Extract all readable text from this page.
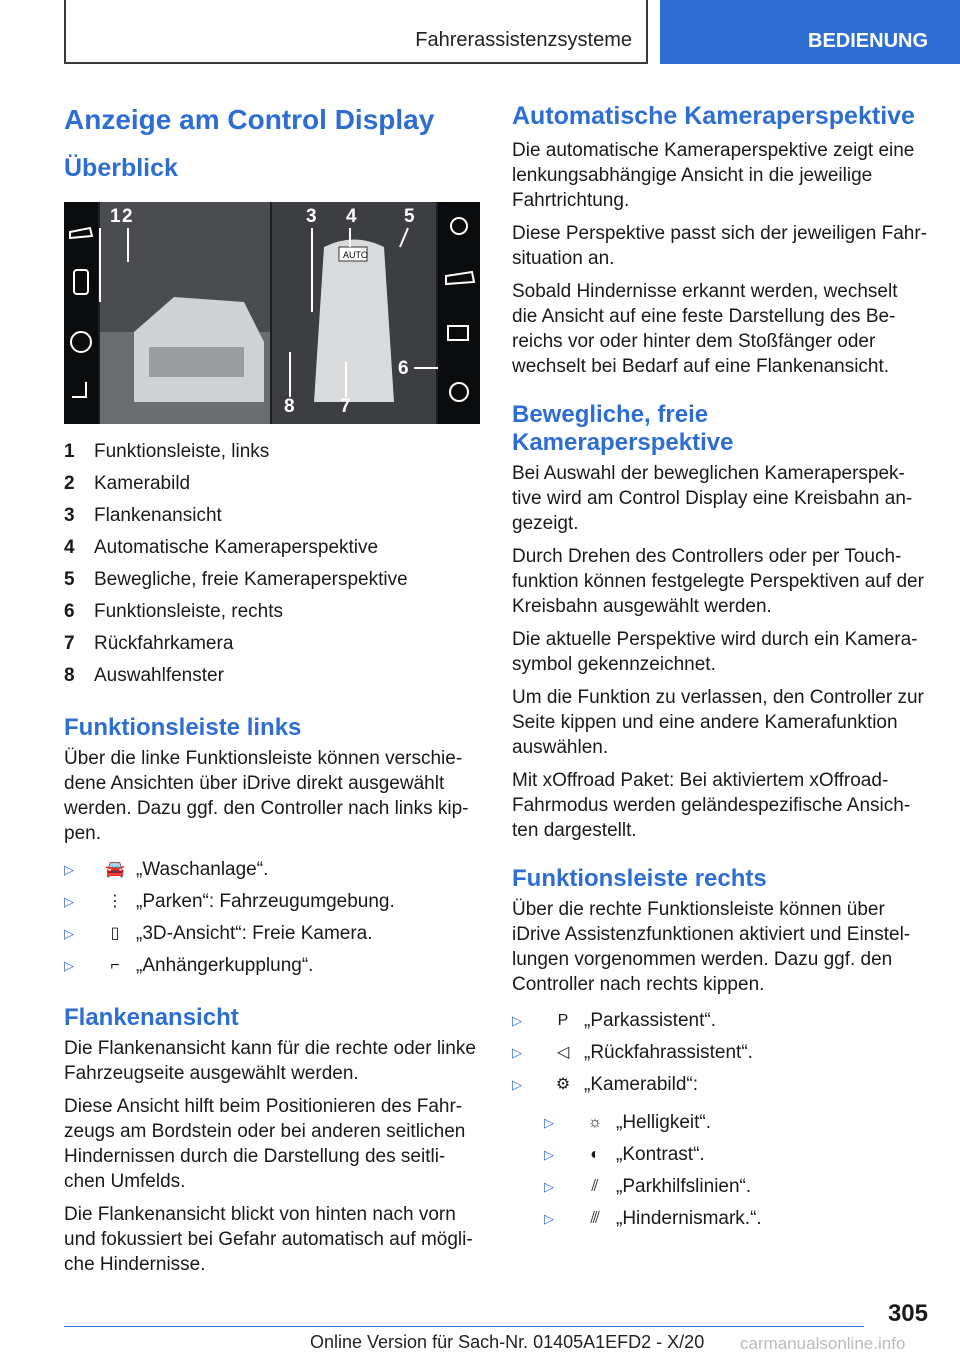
Fahrerassistenzsysteme	BEDIENUNG
Anzeige am Control Display
Überblick
AUTO
1 2	3 4 5
6
7
8
1	Funktionsleiste, links
2	Kamerabild
3	Flankenansicht
4	Automatische Kameraperspektive
5	Bewegliche, freie Kameraperspektive
6	Funktionsleiste, rechts
7	Rückfahrkamera
8	Auswahlfenster
Funktionsleiste links

Über die linke Funktionsleiste können verschie-dene Ansichten über iDrive direkt ausgewählt werden. Dazu ggf. den Controller nach links kip-pen.

▷	🚘 „Waschanlage“.
▷	⋮ „Parken“: Fahrzeugumgebung.
▷	▯ „3D-Ansicht“: Freie Kamera.
▷	⌐ „Anhängerkupplung“.
Flankenansicht

Die Flankenansicht kann für die rechte oder linke Fahrzeugseite ausgewählt werden.

Diese Ansicht hilft beim Positionieren des Fahr-zeugs am Bordstein oder bei anderen seitlichen Hindernissen durch die Darstellung des seitli-chen Umfelds.

Die Flankenansicht blickt von hinten nach vorn und fokussiert bei Gefahr automatisch auf mögli-che Hindernisse.

Automatische Kameraperspektive

Die automatische Kameraperspektive zeigt eine lenkungsabhängige Ansicht in die jeweilige Fahrtrichtung.

Diese Perspektive passt sich der jeweiligen Fahr-situation an.

Sobald Hindernisse erkannt werden, wechselt die Ansicht auf eine feste Darstellung des Be-reichs vor oder hinter dem Stoßfänger oder wechselt bei Bedarf auf eine Flankenansicht.

Bewegliche, freie Kameraperspektive

Bei Auswahl der beweglichen Kameraperspek-tive wird am Control Display eine Kreisbahn an-gezeigt.

Durch Drehen des Controllers oder per Touch-funktion können festgelegte Perspektiven auf der Kreisbahn ausgewählt werden.

Die aktuelle Perspektive wird durch ein Kamera-symbol gekennzeichnet.

Um die Funktion zu verlassen, den Controller zur Seite kippen und eine andere Kamerafunktion auswählen.

Mit xOffroad Paket: Bei aktiviertem xOffroad-Fahrmodus werden geländespezifische Ansich-ten dargestellt.

Funktionsleiste rechts

Über die rechte Funktionsleiste können über iDrive Assistenzfunktionen aktiviert und Einstel-lungen vorgenommen werden. Dazu ggf. den Controller nach rechts kippen.

▷	P „Parkassistent“.
▷	◁ „Rückfahrassistent“.
▷	⚙ „Kamerabild“:
▷	☼ „Helligkeit“.
▷	◐ „Kontrast“.
▷	⫽ „Parkhilfslinien“.
▷	⫻ „Hindernismark.“.
305
Online Version für Sach-Nr. 01405A1EFD2 - X/20 carmanualsonline.info
